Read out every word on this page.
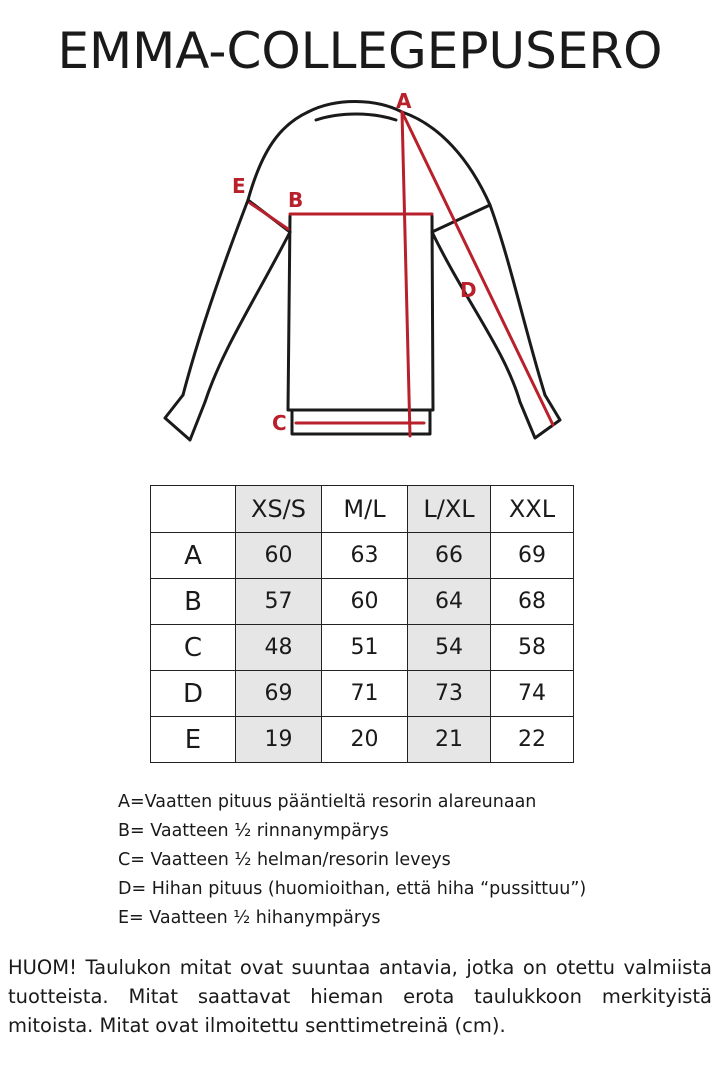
EMMA-COLLEGEPUSERO
A
B
C
D
E
	XS/S	M/L	L/XL	XXL
A	60	63	66	69
B	57	60	64	68
C	48	51	54	58
D	69	71	73	74
E	19	20	21	22
A=Vaatten pituus pääntieltä resorin alareunaan
B= Vaatteen ½ rinnanympärys
C= Vaatteen ½ helman/resorin leveys
D= Hihan pituus (huomioithan, että hiha “pussittuu”)
E= Vaatteen ½ hihanympärys
HUOM! Taulukon mitat ovat suuntaa antavia, jotka on otettu valmiista tuotteista. Mitat saattavat hieman erota taulukkoon merkityistä mitoista. Mitat ovat ilmoitettu senttimetreinä (cm).
